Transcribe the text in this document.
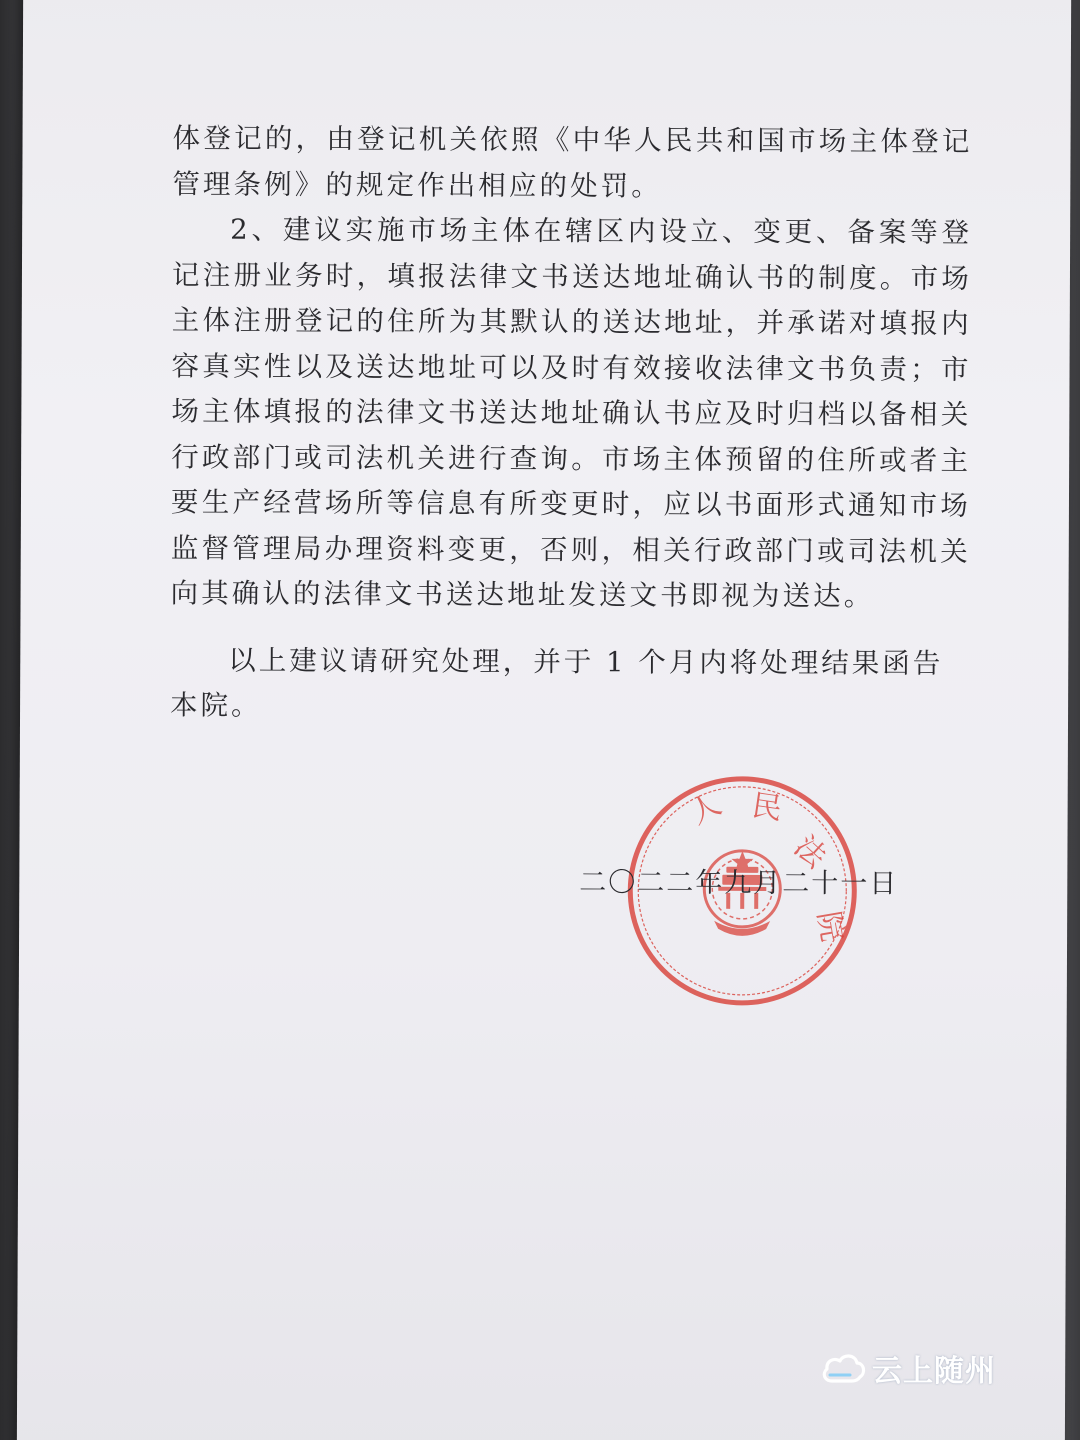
体登记的，由登记机关依照《中华人民共和国市场主体登记管理条例》的规定作出相应的处罚。

2、建议实施市场主体在辖区内设立、变更、备案等登记注册业务时，填报法律文书送达地址确认书的制度。市场主体注册登记的住所为其默认的送达地址，并承诺对填报内容真实性以及送达地址可以及时有效接收法律文书负责；市场主体填报的法律文书送达地址确认书应及时归档以备相关行政部门或司法机关进行查询。市场主体预留的住所或者主要生产经营场所等信息有所变更时，应以书面形式通知市场监督管理局办理资料变更，否则，相关行政部门或司法机关向其确认的法律文书送达地址发送文书即视为送达。

以上建议请研究处理，并于 1 个月内将处理结果函告本院。
人 民
法
院
二〇二二年九月二十一日
云上随州
